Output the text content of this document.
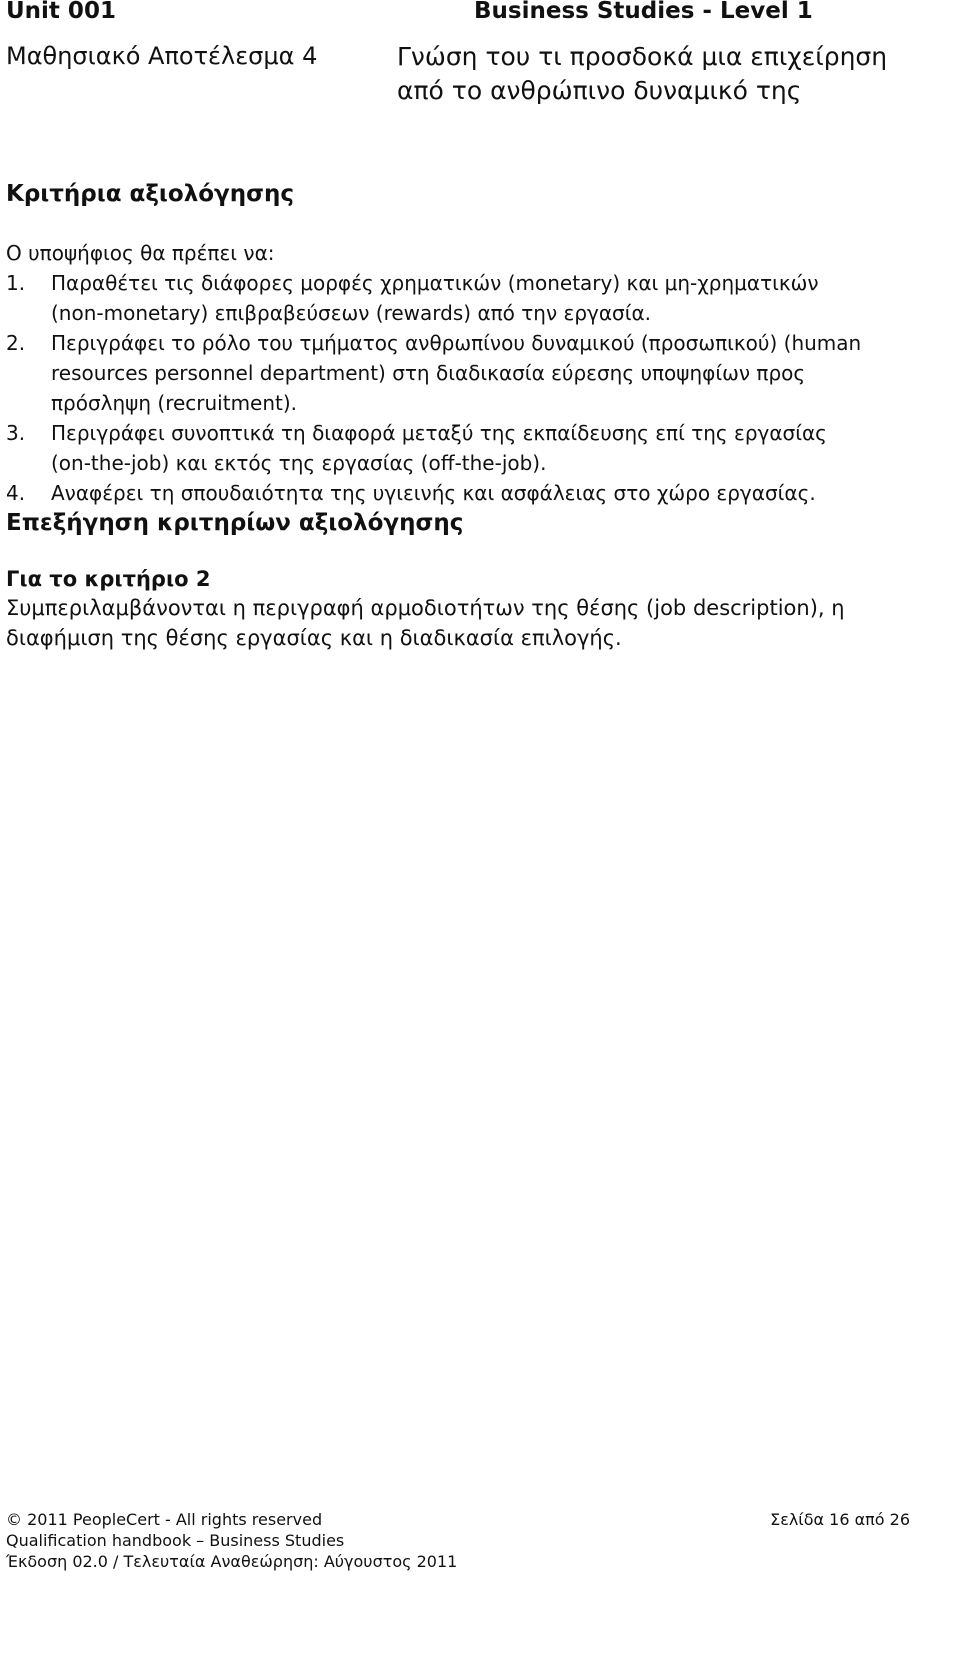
Unit 001	Business Studies - Level 1
Μαθησιακό Αποτέλεσμα 4	Γνώση του τι προσδοκά μια επιχείρηση από το ανθρώπινο δυναμικό της
Κριτήρια αξιολόγησης
Ο υποψήφιος θα πρέπει να:
1.	Παραθέτει τις διάφορες μορφές χρηματικών (monetary) και μη-χρηματικών (non-monetary) επιβραβεύσεων (rewards) από την εργασία.
2.	Περιγράφει το ρόλο του τμήματος ανθρωπίνου δυναμικού (προσωπικού) (human resources personnel department) στη διαδικασία εύρεσης υποψηφίων προς πρόσληψη (recruitment).
3.	Περιγράφει συνοπτικά τη διαφορά μεταξύ της εκπαίδευσης επί της εργασίας (on-the-job) και εκτός της εργασίας (off-the-job).
4.	Αναφέρει τη σπουδαιότητα της υγιεινής και ασφάλειας στο χώρο εργασίας.
Επεξήγηση κριτηρίων αξιολόγησης
Για το κριτήριο 2
Συμπεριλαμβάνονται η περιγραφή αρμοδιοτήτων της θέσης (job description), η διαφήμιση της θέσης εργασίας και η διαδικασία επιλογής.
© 2011 PeopleCert - All rights reserved	Σελίδα 16 από 26
Qualification handbook – Business Studies
Έκδοση 02.0 / Τελευταία Αναθεώρηση: Αύγουστος 2011
